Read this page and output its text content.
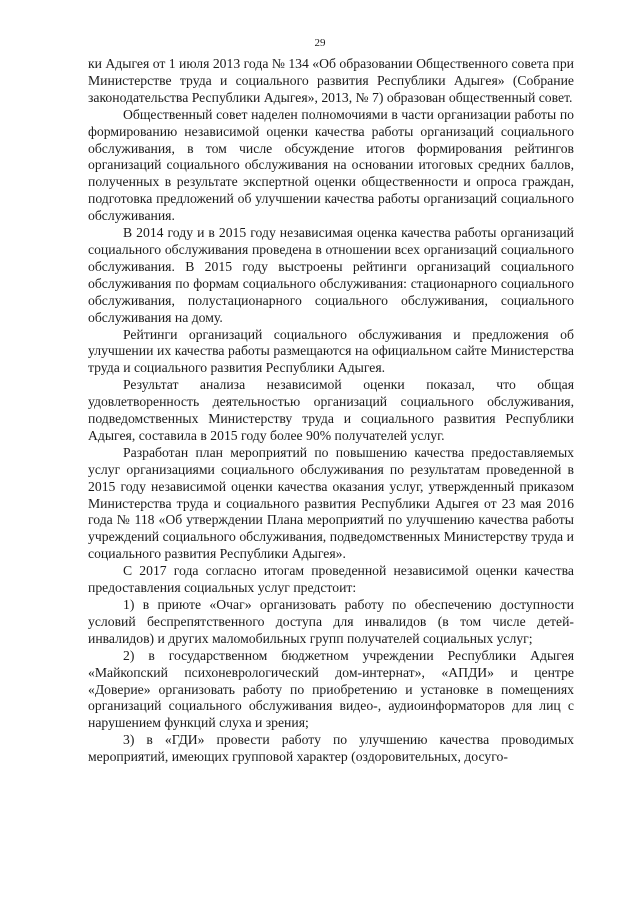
29

ки Адыгея от 1 июля 2013 года № 134 «Об образовании Общественного совета при Министерстве труда и социального развития Республики Адыгея» (Собрание законодательства Республики Адыгея», 2013, № 7) образован общественный совет.

Общественный совет наделен полномочиями в части организации работы по формированию независимой оценки качества работы организаций социального обслуживания, в том числе обсуждение итогов формирования рейтингов организаций социального обслуживания на основании итоговых средних баллов, полученных в результате экспертной оценки общественности и опроса граждан, подготовка предложений об улучшении качества работы организаций социального обслуживания.

В 2014 году и в 2015 году независимая оценка качества работы организаций социального обслуживания проведена в отношении всех организаций социального обслуживания. В 2015 году выстроены рейтинги организаций социального обслуживания по формам социального обслуживания: стационарного социального обслуживания, полустационарного социального обслуживания, социального обслуживания на дому.

Рейтинги организаций социального обслуживания и предложения об улучшении их качества работы размещаются на официальном сайте Министерства труда и социального развития Республики Адыгея.

Результат анализа независимой оценки показал, что общая удовлетворенность деятельностью организаций социального обслуживания, подведомственных Министерству труда и социального развития Республики Адыгея, составила в 2015 году более 90% получателей услуг.

Разработан план мероприятий по повышению качества предоставляемых услуг организациями социального обслуживания по результатам проведенной в 2015 году независимой оценки качества оказания услуг, утвержденный приказом Министерства труда и социального развития Республики Адыгея от 23 мая 2016 года № 118 «Об утверждении Плана мероприятий по улучшению качества работы учреждений социального обслуживания, подведомственных Министерству труда и социального развития Республики Адыгея».

С 2017 года согласно итогам проведенной независимой оценки качества предоставления социальных услуг предстоит:

1) в приюте «Очаг» организовать работу по обеспечению доступности условий беспрепятственного доступа для инвалидов (в том числе детей-инвалидов) и других маломобильных групп получателей социальных услуг;

2) в государственном бюджетном учреждении Республики Адыгея «Майкопский психоневрологический дом-интернат», «АПДИ» и центре «Доверие» организовать работу по приобретению и установке в помещениях организаций социального обслуживания видео-, аудиоинформаторов для лиц с нарушением функций слуха и зрения;

3) в «ГДИ» провести работу по улучшению качества проводимых мероприятий, имеющих групповой характер (оздоровительных, досуго-
